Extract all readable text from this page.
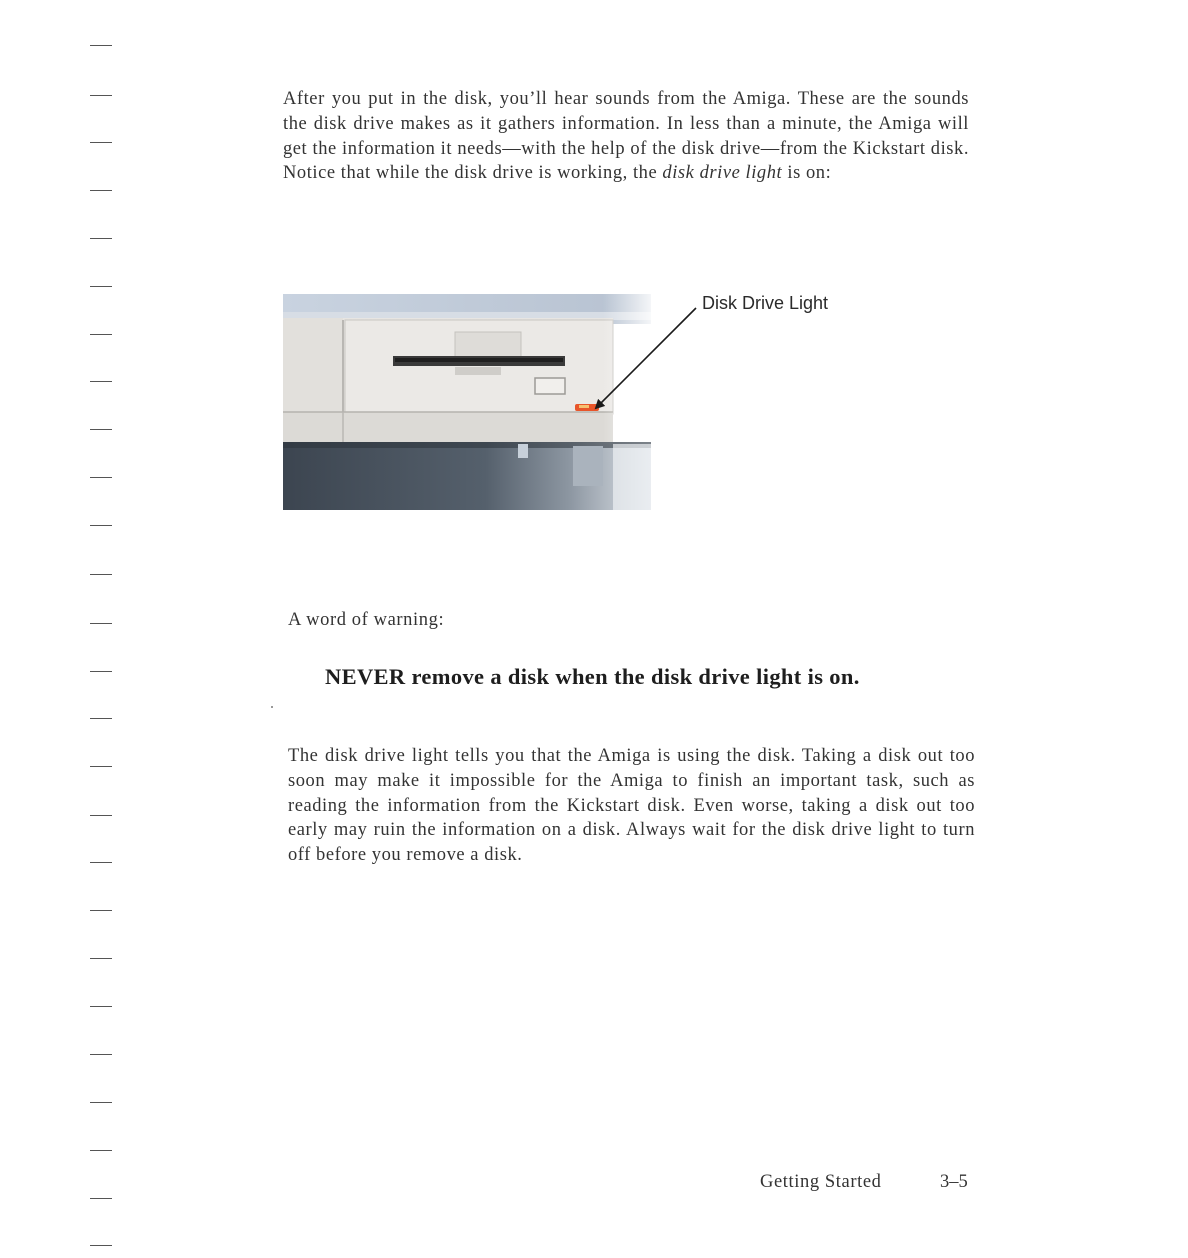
After you put in the disk, you’ll hear sounds from the Amiga. These are the sounds the disk drive makes as it gathers information. In less than a minute, the Amiga will get the information it needs—with the help of the disk drive—from the Kickstart disk. Notice that while the disk drive is working, the disk drive light is on:

Disk Drive Light
A word of warning:
NEVER remove a disk when the disk drive light is on.

The disk drive light tells you that the Amiga is using the disk. Taking a disk out too soon may make it impossible for the Amiga to finish an important task, such as reading the information from the Kickstart disk. Even worse, taking a disk out too early may ruin the information on a disk. Always wait for the disk drive light to turn off before you remove a disk.

Getting Started	3–5
